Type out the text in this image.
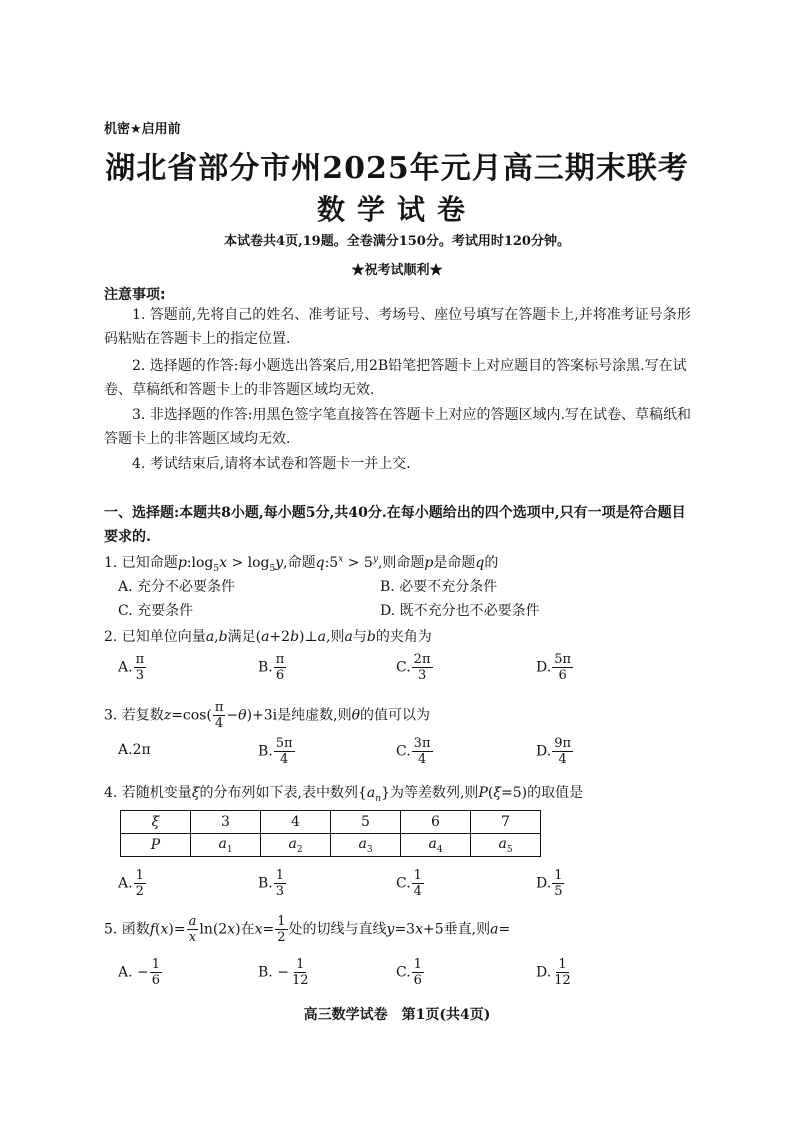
机密★启用前
湖北省部分市州2025年元月高三期末联考
数学试卷
本试卷共4页,19题。全卷满分150分。考试用时120分钟。
★祝考试顺利★
注意事项:
1. 答题前,先将自己的姓名、准考证号、考场号、座位号填写在答题卡上,并将准考证号条形码粘贴在答题卡上的指定位置.
2. 选择题的作答:每小题选出答案后,用2B铅笔把答题卡上对应题目的答案标号涂黑.写在试卷、草稿纸和答题卡上的非答题区域均无效.
3. 非选择题的作答:用黑色签字笔直接答在答题卡上对应的答题区域内.写在试卷、草稿纸和答题卡上的非答题区域均无效.
4. 考试结束后,请将本试卷和答题卡一并上交.
一、选择题:本题共8小题,每小题5分,共40分.在每小题给出的四个选项中,只有一项是符合题目要求的.
1. 已知命题$p:\log_5x > \log_5y$,命题$q:5^x > 5^y$,则命题p是命题q的
A. 充分不必要条件	B. 必要不充分条件
C. 充要条件	D. 既不充分也不必要条件
2. 已知单位向量a,b满足(a+2b)⊥a,则a与b的夹角为
A. $\frac{\pi}{3}$	B. $\frac{\pi}{6}$	C. $\frac{2\pi}{3}$	D. $\frac{5\pi}{6}$
3. 若复数$z=\cos( \frac{\pi}{4} -\theta)+3i$是纯虚数,则θ的值可以为
A.2π	B. $\frac{5\pi}{4}$	C. $\frac{3\pi}{4}$	D. $\frac{9\pi}{4}$
4. 若随机变量ξ的分布列如下表,表中数列$\{a_n\}$为等差数列,则P(ξ=5)的取值是
ξ	3	4	5	6	7
P	$a_1$	$a_2$	$a_3$	$a_4$	$a_5$
A. $\frac{1}{2}$	B. $\frac{1}{3}$	C. $\frac{1}{4}$	D. $\frac{1}{5}$
5. 函数$f(x)= \frac{a}{x} \ln(2x)$在$x= \frac{1}{2}$ 处的切线与直线y=3x+5垂直,则a=
A. − $\frac{1}{6}$	B. − $\frac{1}{12}$	C. $\frac{1}{6}$	D. $\frac{1}{12}$
高三数学试卷　第1页(共4页)
